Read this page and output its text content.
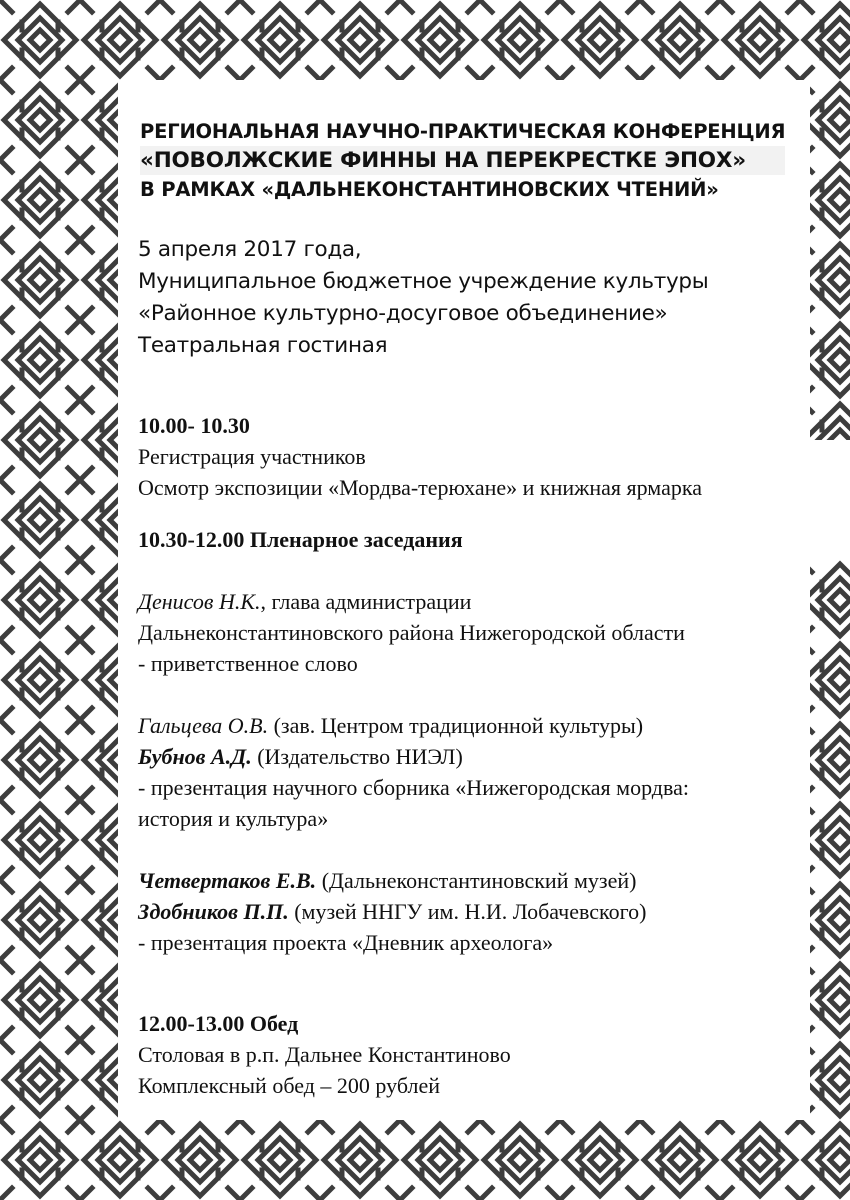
РЕГИОНАЛЬНАЯ НАУЧНО-ПРАКТИЧЕСКАЯ КОНФЕРЕНЦИЯ
«ПОВОЛЖСКИЕ ФИННЫ НА ПЕРЕКРЕСТКЕ ЭПОХ»
В РАМКАХ «ДАЛЬНЕКОНСТАНТИНОВСКИХ ЧТЕНИЙ»
5 апреля 2017 года,
Муниципальное бюджетное учреждение культуры
«Районное культурно-досуговое объединение»
Театральная гостиная
10.00- 10.30
Регистрация участников
Осмотр экспозиции «Мордва-терюхане» и книжная ярмарка
10.30-12.00 Пленарное заседания
Денисов Н.К., глава администрации
Дальнеконстантиновского района Нижегородской области
- приветственное слово
Гальцева О.В. (зав. Центром традиционной культуры)
Бубнов А.Д. (Издательство НИЭЛ)
- презентация научного сборника «Нижегородская мордва:
история и культура»
Четвертаков Е.В. (Дальнеконстантиновский музей)
Здобников П.П. (музей ННГУ им. Н.И. Лобачевского)
- презентация проекта «Дневник археолога»
12.00-13.00 Обед
Столовая в р.п. Дальнее Константиново
Комплексный обед – 200 рублей
